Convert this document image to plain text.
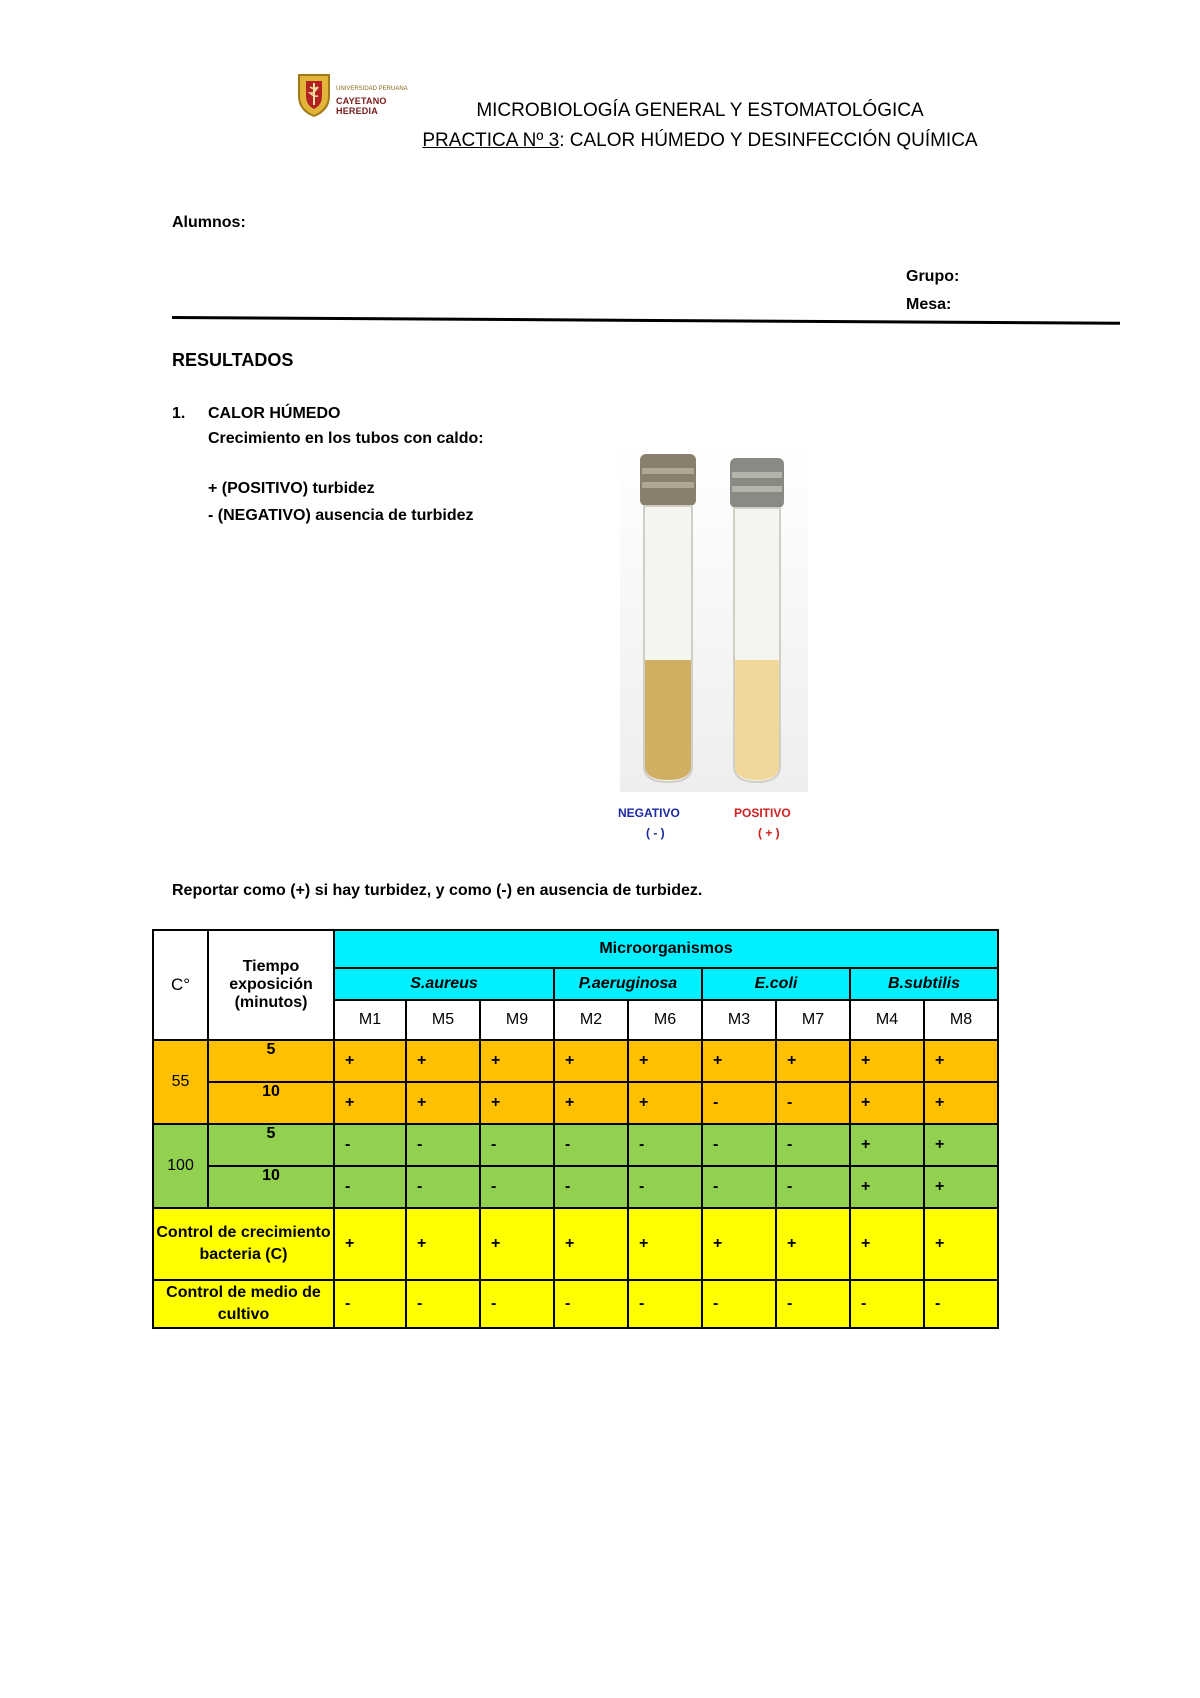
UNIVERSIDAD PERUANA
CAYETANO HEREDIA	MICROBIOLOGÍA GENERAL Y ESTOMATOLÓGICA
PRACTICA Nº 3: CALOR HÚMEDO Y DESINFECCIÓN QUÍMICA
Alumnos:
Grupo:
Mesa:
RESULTADOS
1. CALOR HÚMEDO
Crecimiento en los tubos con caldo:
+ (POSITIVO) turbidez
- (NEGATIVO) ausencia de turbidez
NEGATIVO
( - )
POSITIVO
( + )
Reportar como (+) si hay turbidez, y como (-) en ausencia de turbidez.
C°	Tiempo exposición (minutos)	Microorganismos								
		S.aureus			P.aeruginosa		E.coli		B.subtilis	
		M1	M5	M9	M2	M6	M3	M7	M4	M8
55	5	+	+	+	+	+	+	+	+	+
	10	+	+	+	+	+	-	-	+	+
100	5	-	-	-	-	-	-	-	+	+
	10	-	-	-	-	-	-	-	+	+
Control de crecimiento bacteria (C)		+	+	+	+	+	+	+	+	+
Control de medio de cultivo		-	-	-	-	-	-	-	-	-
